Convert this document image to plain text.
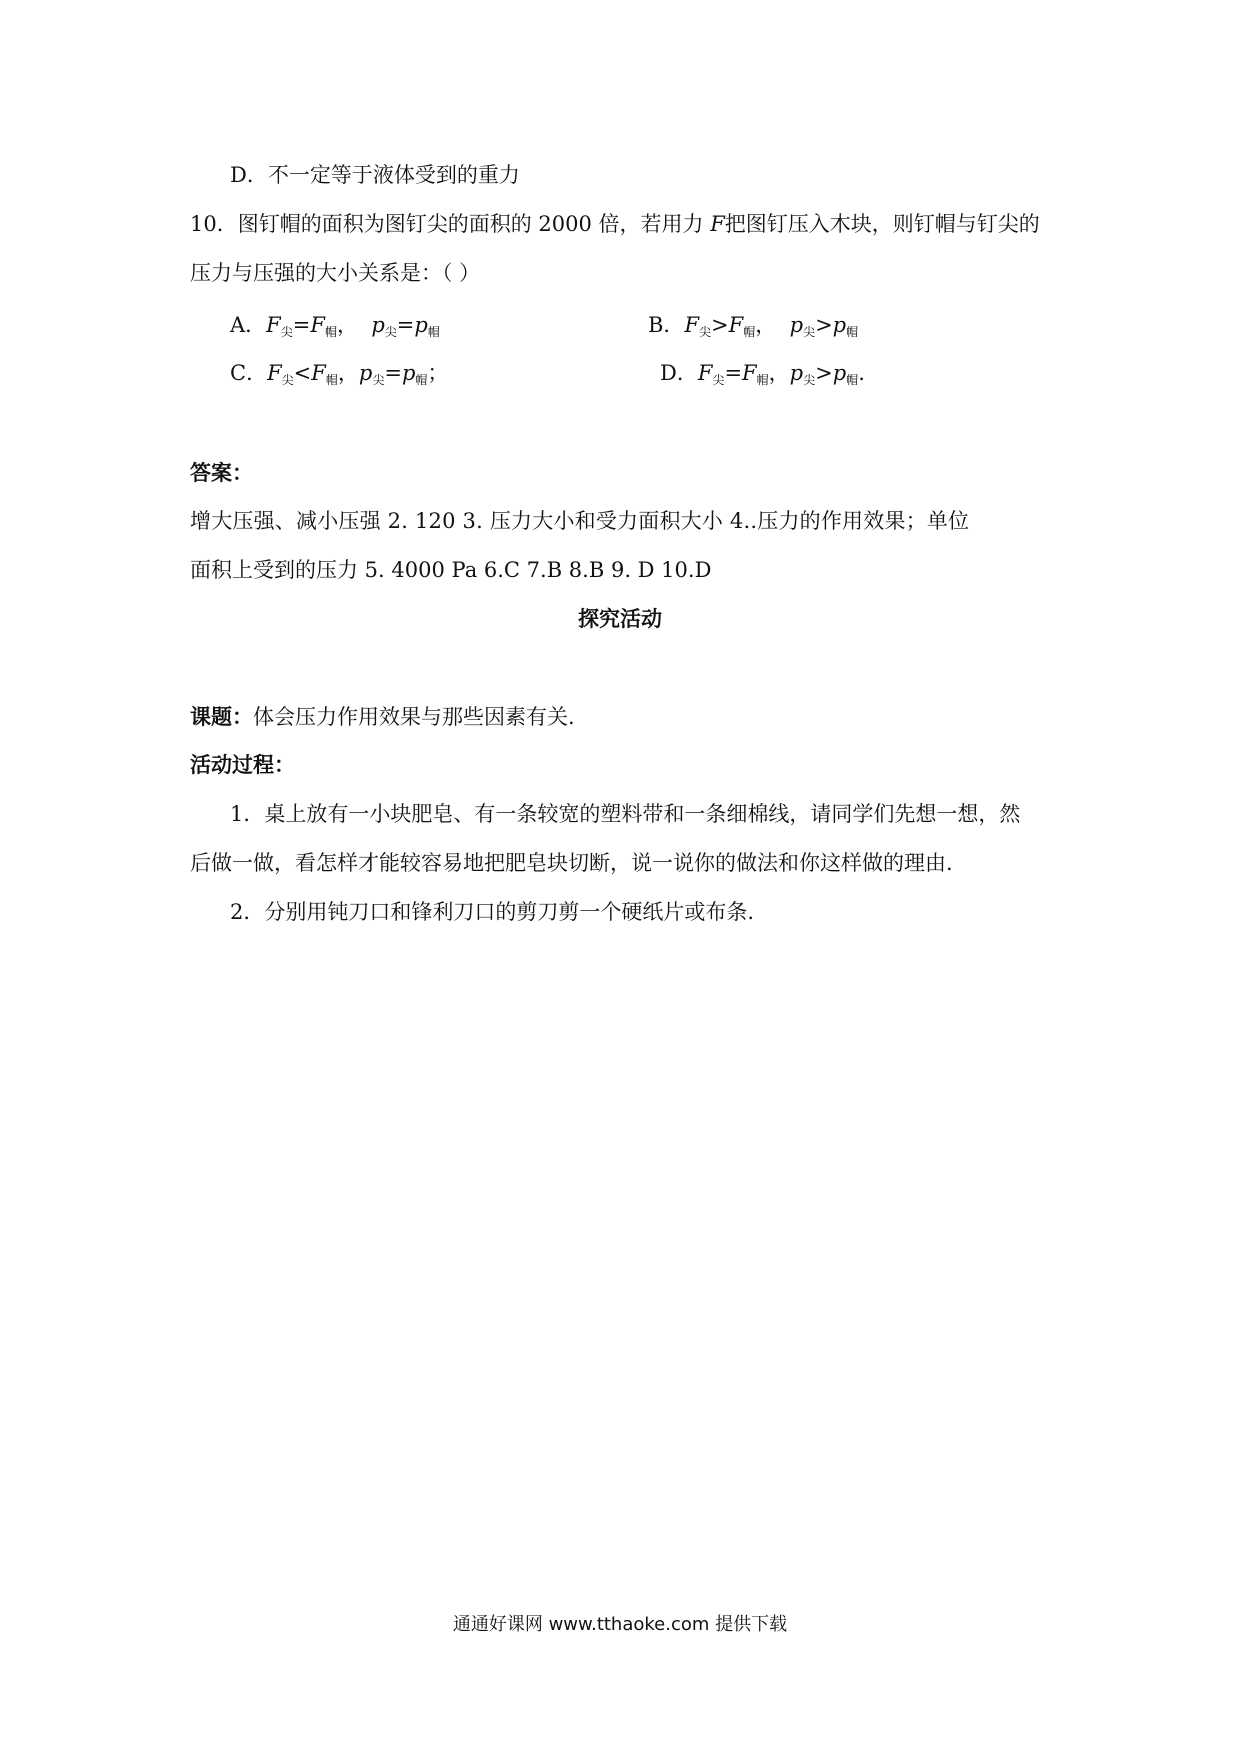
D．不一定等于液体受到的重力
10．图钉帽的面积为图钉尖的面积的 2000 倍，若用力 F把图钉压入木块，则钉帽与钉尖的
压力与压强的大小关系是：（ ）
A．$F_尖=F_帽$， $p_尖=p_帽$	B．$F_尖>F_帽$， $p_尖>p_帽$
C．$F_尖<F_帽$，$p_尖=p_帽$；	D．$F_尖=F_帽$，$p_尖>p_帽$.
答案：
增大压强、减小压强 2. 120 3. 压力大小和受力面积大小 4..压力的作用效果；单位
面积上受到的压力 5. 4000 Pa 6.C 7.B 8.B 9. D 10.D
探究活动
课题：体会压力作用效果与那些因素有关.
活动过程：
1．桌上放有一小块肥皂、有一条较宽的塑料带和一条细棉线，请同学们先想一想，然
后做一做，看怎样才能较容易地把肥皂块切断，说一说你的做法和你这样做的理由.
2．分别用钝刀口和锋利刀口的剪刀剪一个硬纸片或布条.
通通好课网 www.tthaoke.com 提供下载
